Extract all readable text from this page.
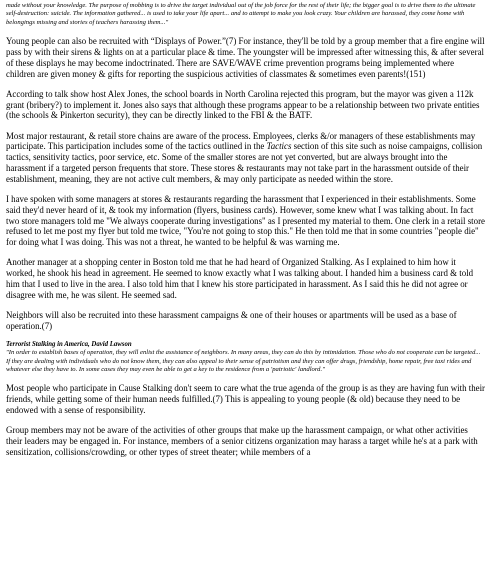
made without your knowledge. The purpose of mobbing is to drive the target individual out of the job force for the rest of their life; the bigger goal is to drive them to the ultimate self-destruction: suicide. The information gathered... is used to take your life apart... and to attempt to make you look crazy. Your children are harassed, they come home with belongings missing and stories of teachers harassing them..."

Young people can also be recruited with “Displays of Power.”(7) For instance, they'll be told by a group member that a fire engine will pass by with their sirens & lights on at a particular place & time. The youngster will be impressed after witnessing this, & after several of these displays he may become indoctrinated. There are SAVE/WAVE crime prevention programs being implemented where children are given money & gifts for reporting the suspicious activities of classmates & sometimes even parents!(151)

According to talk show host Alex Jones, the school boards in North Carolina rejected this program, but the mayor was given a 112k grant (bribery?) to implement it. Jones also says that although these programs appear to be a relationship between two private entities (the schools & Pinkerton security), they can be directly linked to the FBI & the BATF.

Most major restaurant, & retail store chains are aware of the process. Employees, clerks &/or managers of these establishments may participate. This participation includes some of the tactics outlined in the Tactics section of this site such as noise campaigns, collision tactics, sensitivity tactics, poor service, etc. Some of the smaller stores are not yet converted, but are always brought into the harassment if a targeted person frequents that store. These stores & restaurants may not take part in the harassment outside of their establishment, meaning, they are not active cult members, & may only participate as needed within the store.

I have spoken with some managers at stores & restaurants regarding the harassment that I experienced in their establishments. Some said they'd never heard of it, & took my information (flyers, business cards). However, some knew what I was talking about. In fact two store managers told me "We always cooperate during investigations" as I presented my material to them. One clerk in a retail store refused to let me post my flyer but told me twice, "You're not going to stop this." He then told me that in some countries "people die" for doing what I was doing. This was not a threat, he wanted to be helpful & was warning me.

Another manager at a shopping center in Boston told me that he had heard of Organized Stalking. As I explained to him how it worked, he shook his head in agreement. He seemed to know exactly what I was talking about. I handed him a business card & told him that I used to live in the area. I also told him that I knew his store participated in harassment. As I said this he did not agree or disagree with me, he was silent. He seemed sad.

Neighbors will also be recruited into these harassment campaigns & one of their houses or apartments will be used as a base of operation.(7)

Terrorist Stalking in America, David Lawson

"In order to establish bases of operation, they will enlist the assistance of neighbors. In many areas, they can do this by intimidation. Those who do not cooperate can be targeted... If they are dealing with individuals who do not know them, they can also appeal to their sense of patriotism and they can offer drugs, friendship, home repair, free taxi rides and whatever else they have to. In some cases they may even be able to get a key to the residence from a 'patriotic' landlord."

Most people who participate in Cause Stalking don't seem to care what the true agenda of the group is as they are having fun with their friends, while getting some of their human needs fulfilled.(7) This is appealing to young people (& old) because they need to be endowed with a sense of responsibility.

Group members may not be aware of the activities of other groups that make up the harassment campaign, or what other activities their leaders may be engaged in. For instance, members of a senior citizens organization may harass a target while he's at a park with sensitization, collisions/crowding, or other types of street theater; while members of a
